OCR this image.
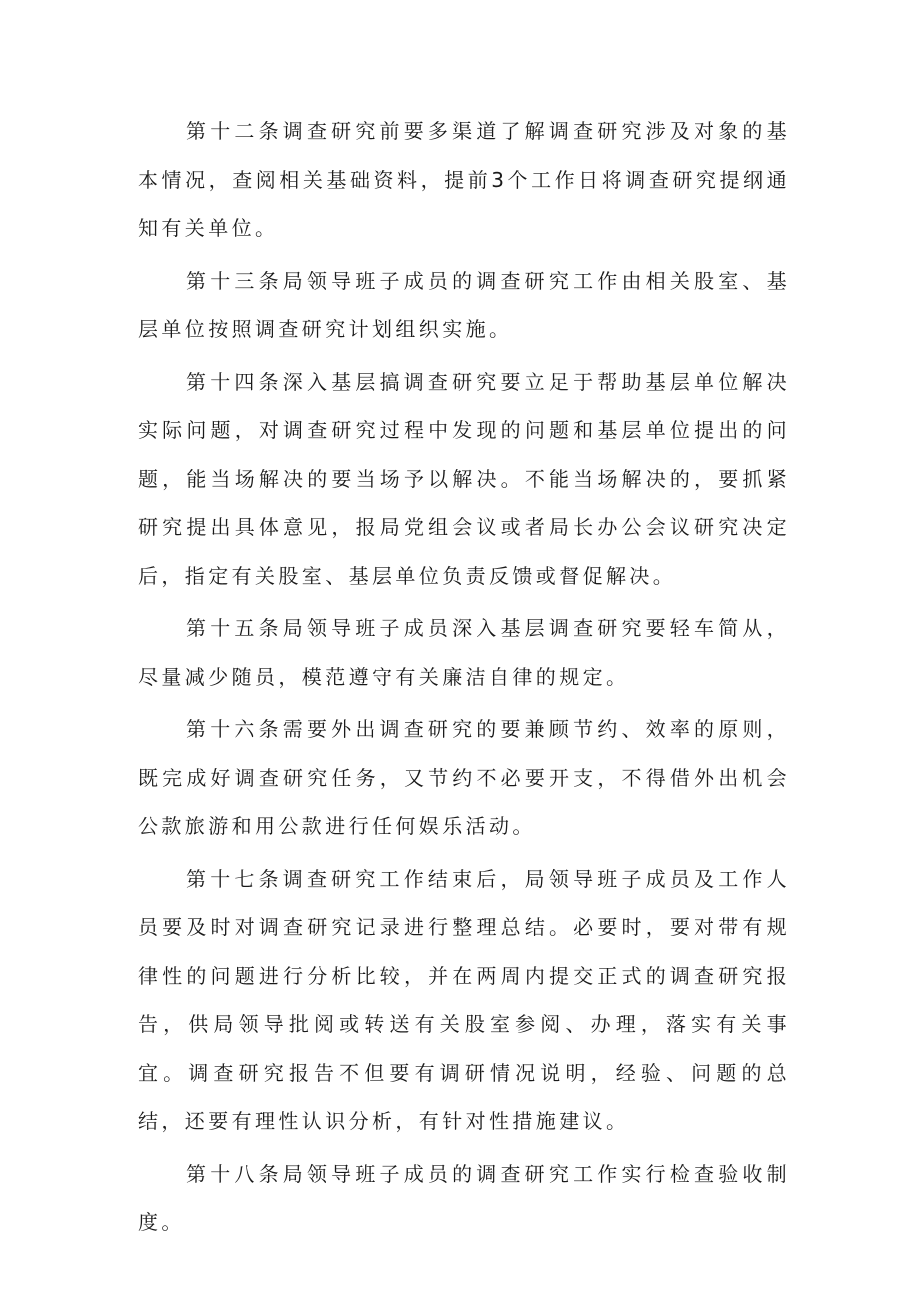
第十二条调查研究前要多渠道了解调查研究涉及对象的基本情况，查阅相关基础资料，提前3个工作日将调查研究提纲通知有关单位。

第十三条局领导班子成员的调查研究工作由相关股室、基层单位按照调查研究计划组织实施。

第十四条深入基层搞调查研究要立足于帮助基层单位解决实际问题，对调查研究过程中发现的问题和基层单位提出的问题，能当场解决的要当场予以解决。不能当场解决的，要抓紧研究提出具体意见，报局党组会议或者局长办公会议研究决定后，指定有关股室、基层单位负责反馈或督促解决。

第十五条局领导班子成员深入基层调查研究要轻车简从，尽量减少随员，模范遵守有关廉洁自律的规定。

第十六条需要外出调查研究的要兼顾节约、效率的原则，既完成好调查研究任务，又节约不必要开支，不得借外出机会公款旅游和用公款进行任何娱乐活动。

第十七条调查研究工作结束后，局领导班子成员及工作人员要及时对调查研究记录进行整理总结。必要时，要对带有规律性的问题进行分析比较，并在两周内提交正式的调查研究报告，供局领导批阅或转送有关股室参阅、办理，落实有关事宜。调查研究报告不但要有调研情况说明，经验、问题的总结，还要有理性认识分析，有针对性措施建议。

第十八条局领导班子成员的调查研究工作实行检查验收制度。
